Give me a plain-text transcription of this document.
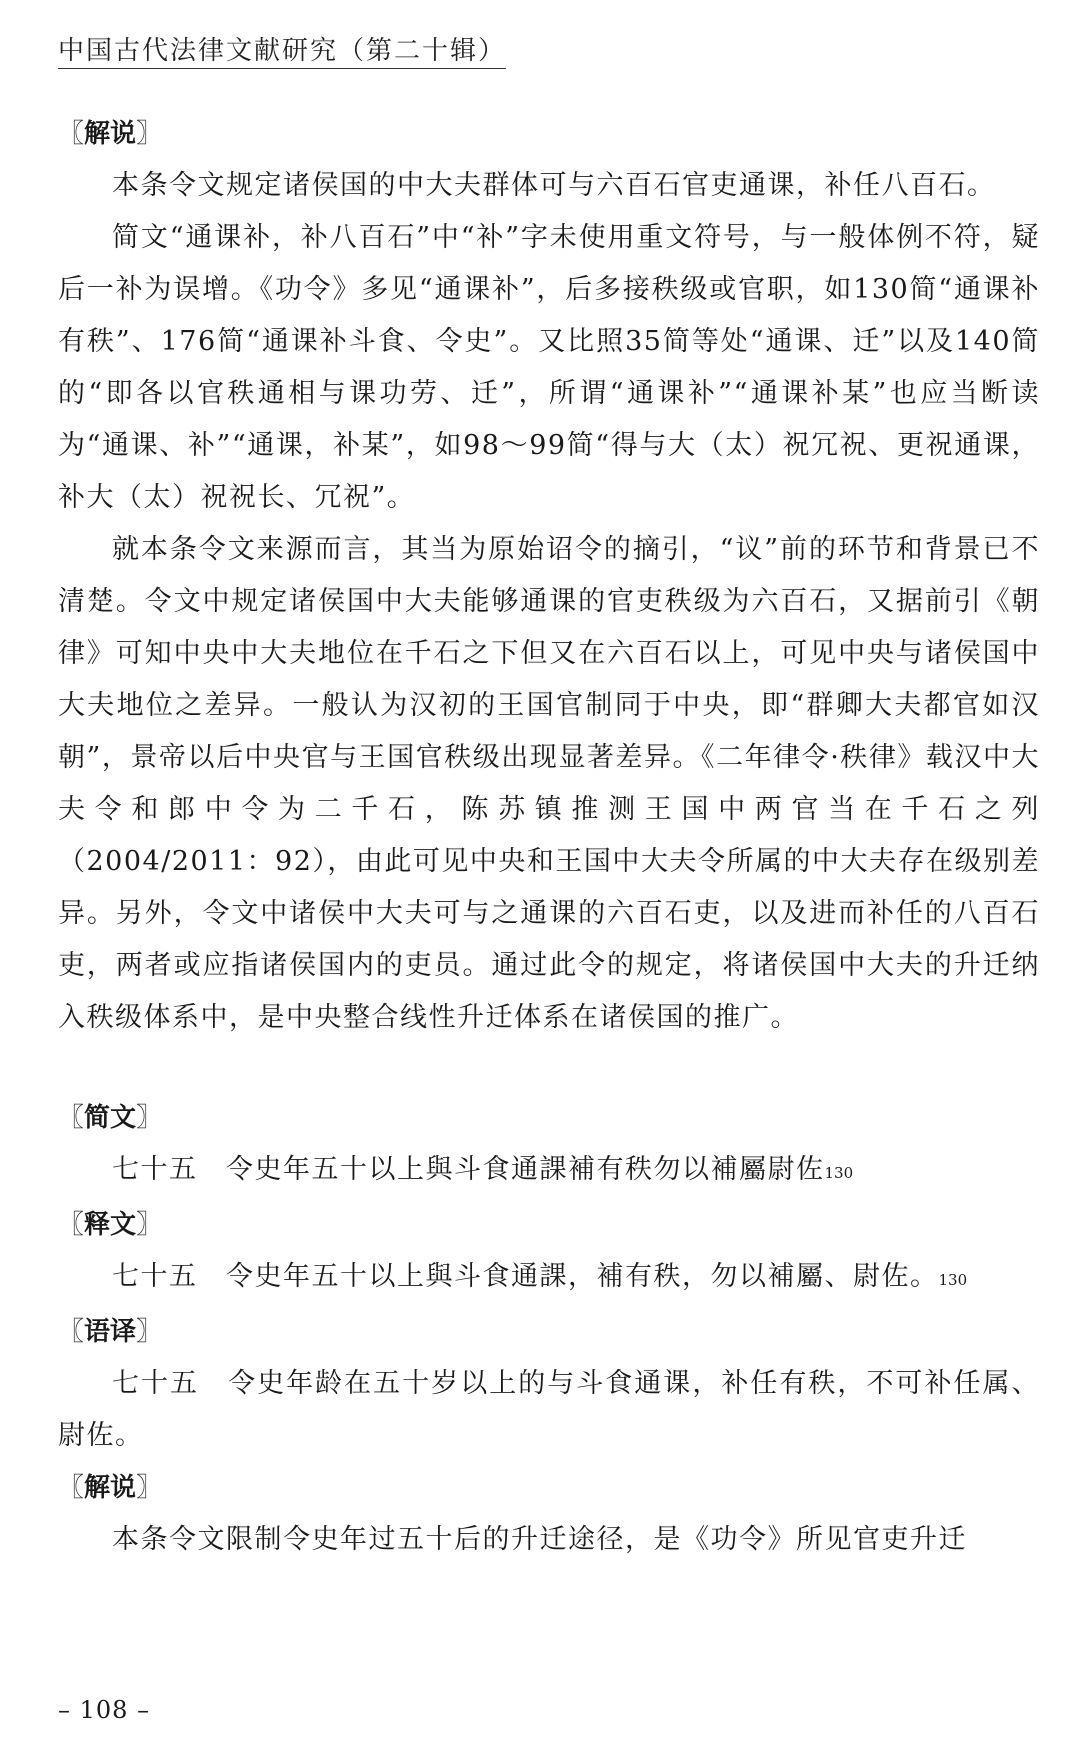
中国古代法律文献研究（第二十辑）
〖解说〗

本条令文规定诸侯国的中大夫群体可与六百石官吏通课，补任八百石。

简文“通课补，补八百石”中“补”字未使用重文符号，与一般体例不符，疑后一补为误增。《功令》多见“通课补”，后多接秩级或官职，如130简“通课补有秩”、176简“通课补斗食、令史”。又比照35简等处“通课、迁”以及140简的“即各以官秩通相与课功劳、迁”，所谓“通课补”“通课补某”也应当断读为“通课、补”“通课，补某”，如98～99简“得与大（太）祝冗祝、更祝通课，补大（太）祝祝长、冗祝”。

就本条令文来源而言，其当为原始诏令的摘引，“议”前的环节和背景已不清楚。令文中规定诸侯国中大夫能够通课的官吏秩级为六百石，又据前引《朝律》可知中央中大夫地位在千石之下但又在六百石以上，可见中央与诸侯国中大夫地位之差异。一般认为汉初的王国官制同于中央，即“群卿大夫都官如汉朝”，景帝以后中央官与王国官秩级出现显著差异。《二年律令·秩律》载汉中大夫令和郎中令为二千石，陈苏镇推测王国中两官当在千石之列（2004/2011：92），由此可见中央和王国中大夫令所属的中大夫存在级别差异。另外，令文中诸侯中大夫可与之通课的六百石吏，以及进而补任的八百石吏，两者或应指诸侯国内的吏员。通过此令的规定，将诸侯国中大夫的升迁纳入秩级体系中，是中央整合线性升迁体系在诸侯国的推广。

〖简文〗

七十五　令史年五十以上與斗食通課補有秩勿以補屬尉佐130

〖释文〗

七十五　令史年五十以上與斗食通課，補有秩，勿以補屬、尉佐。130

〖语译〗

七十五　令史年龄在五十岁以上的与斗食通课，补任有秩，不可补任属、尉佐。

〖解说〗

本条令文限制令史年过五十后的升迁途径，是《功令》所见官吏升迁

– 108 –
